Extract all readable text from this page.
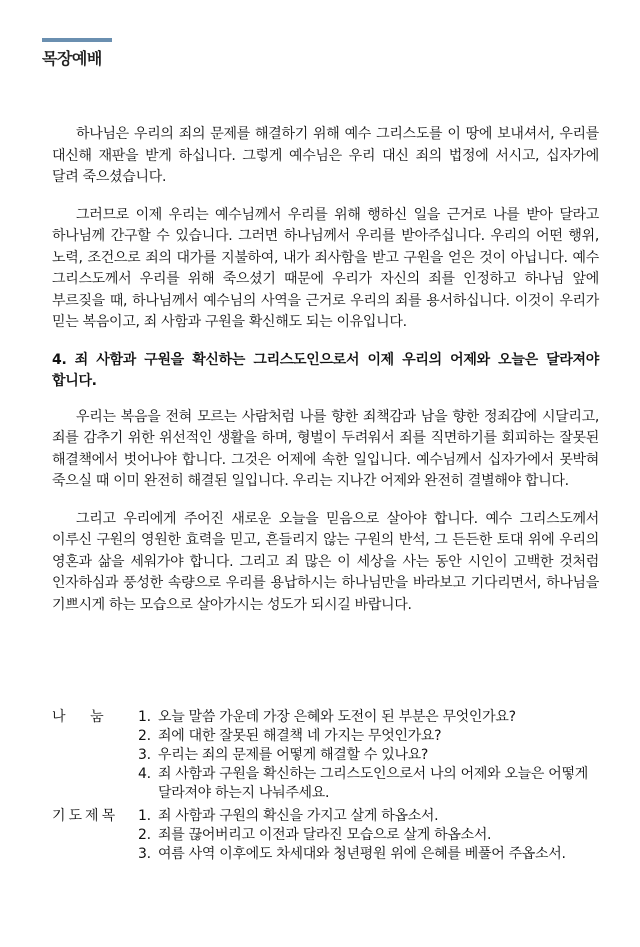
목장예배

하나님은 우리의 죄의 문제를 해결하기 위해 예수 그리스도를 이 땅에 보내셔서, 우리를 대신해 재판을 받게 하십니다. 그렇게 예수님은 우리 대신 죄의 법정에 서시고, 십자가에 달려 죽으셨습니다.

그러므로 이제 우리는 예수님께서 우리를 위해 행하신 일을 근거로 나를 받아 달라고 하나님께 간구할 수 있습니다. 그러면 하나님께서 우리를 받아주십니다. 우리의 어떤 행위, 노력, 조건으로 죄의 대가를 지불하여, 내가 죄사함을 받고 구원을 얻은 것이 아닙니다. 예수 그리스도께서 우리를 위해 죽으셨기 때문에 우리가 자신의 죄를 인정하고 하나님 앞에 부르짖을 때, 하나님께서 예수님의 사역을 근거로 우리의 죄를 용서하십니다. 이것이 우리가 믿는 복음이고, 죄 사함과 구원을 확신해도 되는 이유입니다.

4. 죄 사함과 구원을 확신하는 그리스도인으로서 이제 우리의 어제와 오늘은 달라져야 합니다.

우리는 복음을 전혀 모르는 사람처럼 나를 향한 죄책감과 남을 향한 정죄감에 시달리고, 죄를 감추기 위한 위선적인 생활을 하며, 형벌이 두려워서 죄를 직면하기를 회피하는 잘못된 해결책에서 벗어나야 합니다. 그것은 어제에 속한 일입니다. 예수님께서 십자가에서 못박혀 죽으실 때 이미 완전히 해결된 일입니다. 우리는 지나간 어제와 완전히 결별해야 합니다.

그리고 우리에게 주어진 새로운 오늘을 믿음으로 살아야 합니다. 예수 그리스도께서 이루신 구원의 영원한 효력을 믿고, 흔들리지 않는 구원의 반석, 그 든든한 토대 위에 우리의 영혼과 삶을 세워가야 합니다. 그리고 죄 많은 이 세상을 사는 동안 시인이 고백한 것처럼 인자하심과 풍성한 속량으로 우리를 용납하시는 하나님만을 바라보고 기다리면서, 하나님을 기쁘시게 하는 모습으로 살아가시는 성도가 되시길 바랍니다.

나      눔	1. 오늘 말씀 가운데 가장 은혜와 도전이 된 부분은 무엇인가요?
2. 죄에 대한 잘못된 해결책 네 가지는 무엇인가요?
3. 우리는 죄의 문제를 어떻게 해결할 수 있나요?
4. 죄 사함과 구원을 확신하는 그리스도인으로서 나의 어제와 오늘은 어떻게 달라져야 하는지 나눠주세요.
기도제목	1. 죄 사함과 구원의 확신을 가지고 살게 하옵소서.
2. 죄를 끊어버리고 이전과 달라진 모습으로 살게 하옵소서.
3. 여름 사역 이후에도 차세대와 청년평원 위에 은혜를 베풀어 주옵소서.
